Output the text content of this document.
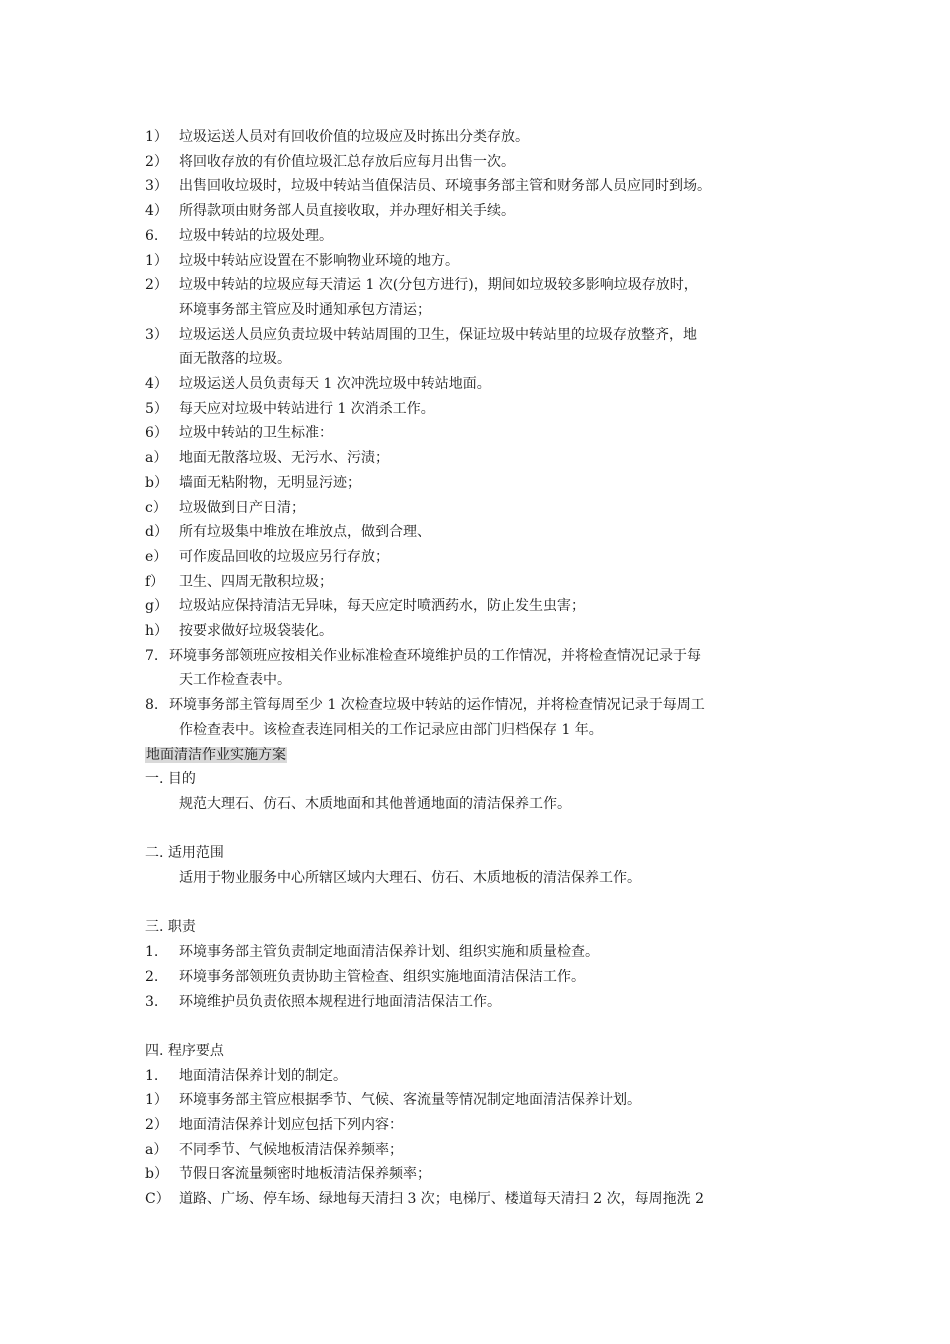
1） 垃圾运送人员对有回收价值的垃圾应及时拣出分类存放。
2） 将回收存放的有价值垃圾汇总存放后应每月出售一次。
3） 出售回收垃圾时，垃圾中转站当值保洁员、环境事务部主管和财务部人员应同时到场。
4） 所得款项由财务部人员直接收取，并办理好相关手续。
6. 垃圾中转站的垃圾处理。
1） 垃圾中转站应设置在不影响物业环境的地方。
2） 垃圾中转站的垃圾应每天清运 1 次(分包方进行)，期间如垃圾较多影响垃圾存放时，
环境事务部主管应及时通知承包方清运；
3） 垃圾运送人员应负责垃圾中转站周围的卫生，保证垃圾中转站里的垃圾存放整齐，地
面无散落的垃圾。
4） 垃圾运送人员负责每天 1 次冲洗垃圾中转站地面。
5） 每天应对垃圾中转站进行 1 次消杀工作。
6） 垃圾中转站的卫生标准：
a） 地面无散落垃圾、无污水、污渍；
b） 墙面无粘附物，无明显污迹；
c） 垃圾做到日产日清；
d） 所有垃圾集中堆放在堆放点，做到合理、
e） 可作废品回收的垃圾应另行存放；
f） 卫生、四周无散积垃圾；
g） 垃圾站应保持清洁无异味，每天应定时喷洒药水，防止发生虫害；
h） 按要求做好垃圾袋装化。
7. 环境事务部领班应按相关作业标准检查环境维护员的工作情况，并将检查情况记录于每
天工作检查表中。
8. 环境事务部主管每周至少 1 次检查垃圾中转站的运作情况，并将检查情况记录于每周工
作检查表中。该检查表连同相关的工作记录应由部门归档保存 1 年。
地面清洁作业实施方案
一. 目的
规范大理石、仿石、木质地面和其他普通地面的清洁保养工作。
二. 适用范围
适用于物业服务中心所辖区域内大理石、仿石、木质地板的清洁保养工作。
三. 职责
1. 环境事务部主管负责制定地面清洁保养计划、组织实施和质量检查。
2. 环境事务部领班负责协助主管检查、组织实施地面清洁保洁工作。
3. 环境维护员负责依照本规程进行地面清洁保洁工作。
四. 程序要点
1. 地面清洁保养计划的制定。
1） 环境事务部主管应根据季节、气候、客流量等情况制定地面清洁保养计划。
2） 地面清洁保养计划应包括下列内容：
a） 不同季节、气候地板清洁保养频率；
b） 节假日客流量频密时地板清洁保养频率；
C） 道路、广场、停车场、绿地每天清扫 3 次；电梯厅、楼道每天清扫 2 次，每周拖洗 2
